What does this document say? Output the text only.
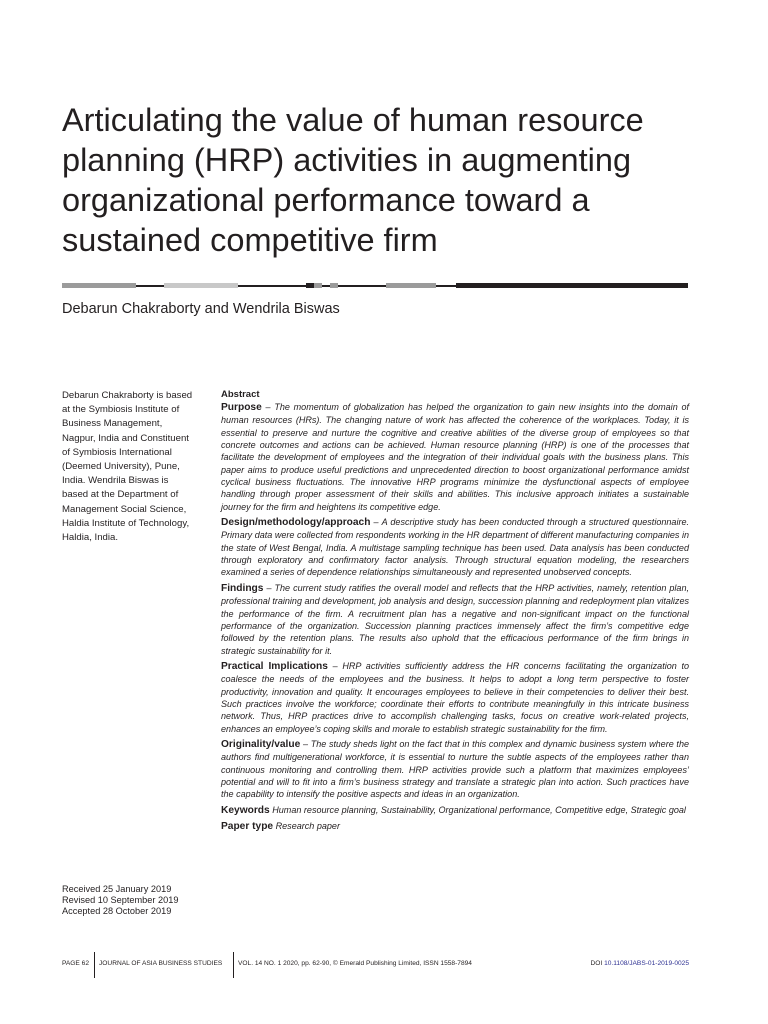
Articulating the value of human resource planning (HRP) activities in augmenting organizational performance toward a sustained competitive firm
Debarun Chakraborty and Wendrila Biswas
Debarun Chakraborty is based at the Symbiosis Institute of Business Management, Nagpur, India and Constituent of Symbiosis International (Deemed University), Pune, India. Wendrila Biswas is based at the Department of Management Social Science, Haldia Institute of Technology, Haldia, India.
Received 25 January 2019
Revised 10 September 2019
Accepted 28 October 2019
Abstract

Purpose – The momentum of globalization has helped the organization to gain new insights into the domain of human resources (HRs). The changing nature of work has affected the coherence of the workplaces. Today, it is essential to preserve and nurture the cognitive and creative abilities of the diverse group of employees so that concrete outcomes and actions can be achieved. Human resource planning (HRP) is one of the processes that facilitate the development of employees and the integration of their individual goals with the business plans. This paper aims to produce useful predictions and unprecedented direction to boost organizational performance amidst cyclical business fluctuations. The innovative HRP programs minimize the dysfunctional aspects of employee handling through proper assessment of their skills and abilities. This inclusive approach initiates a sustainable journey for the firm and heightens its competitive edge.

Design/methodology/approach – A descriptive study has been conducted through a structured questionnaire. Primary data were collected from respondents working in the HR department of different manufacturing companies in the state of West Bengal, India. A multistage sampling technique has been used. Data analysis has been conducted through exploratory and confirmatory factor analysis. Through structural equation modeling, the researchers examined a series of dependence relationships simultaneously and represented unobserved concepts.

Findings – The current study ratifies the overall model and reflects that the HRP activities, namely, retention plan, professional training and development, job analysis and design, succession planning and redeployment plan vitalizes the performance of the firm. A recruitment plan has a negative and non-significant impact on the functional performance of the organization. Succession planning practices immensely affect the firm’s competitive edge followed by the retention plans. The results also uphold that the efficacious performance of the firm brings in strategic sustainability for it.

Practical Implications – HRP activities sufficiently address the HR concerns facilitating the organization to coalesce the needs of the employees and the business. It helps to adopt a long term perspective to foster productivity, innovation and quality. It encourages employees to believe in their competencies to deliver their best. Such practices involve the workforce; coordinate their efforts to contribute meaningfully in this intricate business network. Thus, HRP practices drive to accomplish challenging tasks, focus on creative work-related projects, enhances an employee’s coping skills and morale to establish strategic sustainability for the firm.

Originality/value – The study sheds light on the fact that in this complex and dynamic business system where the authors find multigenerational workforce, it is essential to nurture the subtle aspects of the employees rather than continuous monitoring and controlling them. HRP activities provide such a platform that maximizes employees’ potential and will to fit into a firm’s business strategy and translate a strategic plan into action. Such practices have the capability to intensify the positive aspects and ideas in an organization.

Keywords Human resource planning, Sustainability, Organizational performance, Competitive edge, Strategic goal

Paper type Research paper

PAGE 62 JOURNAL OF ASIA BUSINESS STUDIES VOL. 14 NO. 1 2020, pp. 62-90, © Emerald Publishing Limited, ISSN 1558-7894	DOI 10.1108/JABS-01-2019-0025
